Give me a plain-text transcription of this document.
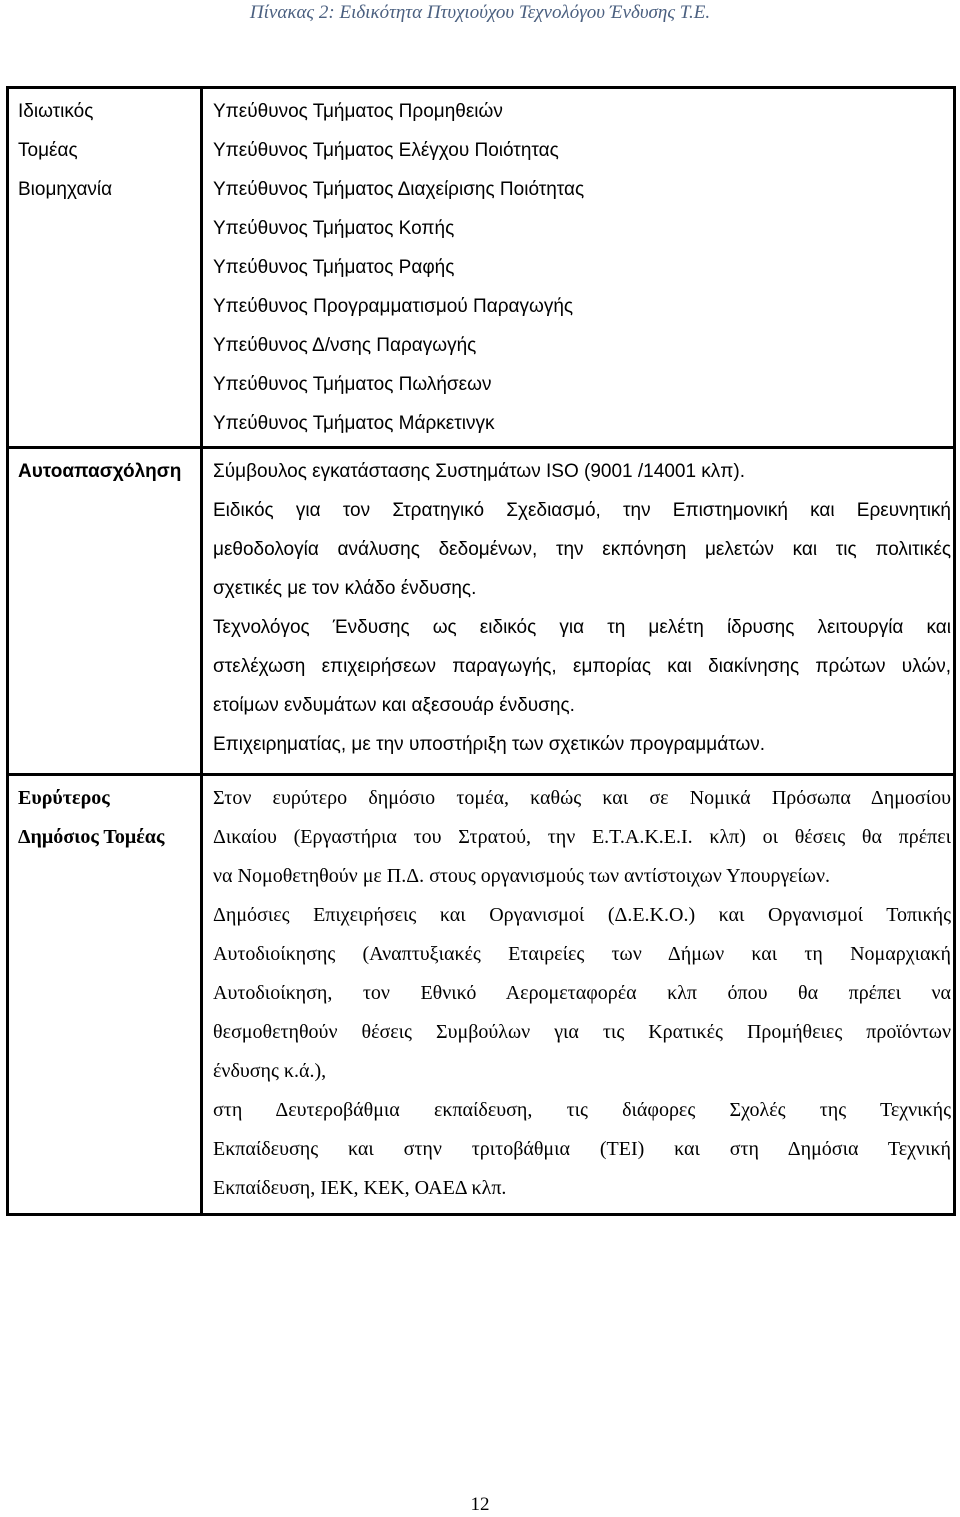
Πίνακας 2: Ειδικότητα Πτυχιούχου Τεχνολόγου Ένδυσης Τ.Ε.
Ιδιωτικός
Τομέας
Βιομηχανία
Υπεύθυνος Τμήματος Προμηθειών
Υπεύθυνος Τμήματος Ελέγχου Ποιότητας
Υπεύθυνος Τμήματος Διαχείρισης Ποιότητας
Υπεύθυνος Τμήματος Κοπής
Υπεύθυνος Τμήματος Ραφής
Υπεύθυνος Προγραμματισμού Παραγωγής
Υπεύθυνος Δ/νσης Παραγωγής
Υπεύθυνος Τμήματος Πωλήσεων
Υπεύθυνος Τμήματος Μάρκετινγκ
Αυτοαπασχόληση	Σύμβουλος εγκατάστασης Συστημάτων ISO (9001 /14001 κλπ).
Ειδικός για τον Στρατηγικό Σχεδιασμό, την Επιστημονική και Ερευνητική
μεθοδολογία ανάλυσης δεδομένων, την εκπόνηση μελετών και τις πολιτικές
σχετικές με τον κλάδο ένδυσης.
Τεχνολόγος Ένδυσης ως ειδικός για τη μελέτη ίδρυσης λειτουργία και
στελέχωση επιχειρήσεων παραγωγής, εμπορίας και διακίνησης πρώτων υλών,
ετοίμων ενδυμάτων και αξεσουάρ ένδυσης.
Επιχειρηματίας, με την υποστήριξη των σχετικών προγραμμάτων.
Ευρύτερος
Δημόσιος Τομέας
Στον ευρύτερο δημόσιο τομέα, καθώς και σε Νομικά Πρόσωπα Δημοσίου
Δικαίου (Εργαστήρια του Στρατού, την Ε.Τ.Α.Κ.Ε.Ι. κλπ) οι θέσεις θα πρέπει
να Νομοθετηθούν με Π.Δ. στους οργανισμούς των αντίστοιχων Υπουργείων.
Δημόσιες Επιχειρήσεις και Οργανισμοί (Δ.Ε.Κ.Ο.) και Οργανισμοί Τοπικής
Αυτοδιοίκησης (Αναπτυξιακές Εταιρείες των Δήμων και τη Νομαρχιακή
Αυτοδιοίκηση, τον Εθνικό Αερομεταφορέα κλπ όπου θα πρέπει να
θεσμοθετηθούν θέσεις Συμβούλων για τις Κρατικές Προμήθειες προϊόντων
ένδυσης κ.ά.),
στη Δευτεροβάθμια εκπαίδευση, τις διάφορες Σχολές της Τεχνικής
Εκπαίδευσης και στην τριτοβάθμια (ΤΕΙ) και στη Δημόσια Τεχνική
Εκπαίδευση, ΙΕΚ, ΚΕΚ, ΟΑΕΔ κλπ.
12
